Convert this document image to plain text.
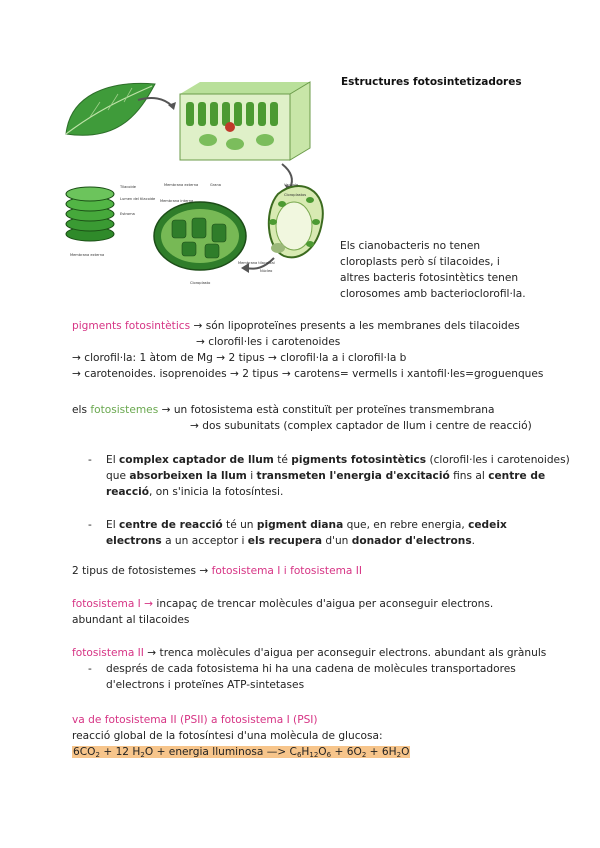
Tilacoide
Lumen del tilacoide
Estroma
Membrana externa
Membrana interna
Grana	Vacuola
Cloroplastos
Núcleo
Membrana tilacoïdal
Membrana externa
Cloroplasto
Estructures fotosintetizadores
Els cianobacteris no tenen
cloroplasts però sí tilacoides, i
altres bacteris fotosintètics tenen
clorosomes amb bacterioclorofil·la.
pigments fotosintètics → són lipoproteïnes presents a les membranes dels tilacoides
→ clorofil·les i carotenoides
→ clorofil·la: 1 àtom de Mg → 2 tipus → clorofil·la a i clorofil·la b
→ carotenoides. isoprenoides → 2 tipus → carotens= vermells i xantofil·les=groguenques
els fotosistemes → un fotosistema està constituït per proteïnes transmembrana
→ dos subunitats (complex captador de llum i centre de reacció)
- El complex captador de llum té pigments fotosintètics (clorofil·les i carotenoides)
que absorbeixen la llum i transmeten l'energia d'excitació fins al centre de
reacció, on s'inicia la fotosíntesi.
- El centre de reacció té un pigment diana que, en rebre energia, cedeix
electrons a un acceptor i els recupera d'un donador d'electrons.
2 tipus de fotosistemes → fotosistema I i fotosistema II
fotosistema I → incapaç de trencar molècules d'aigua per aconseguir electrons.
abundant al tilacoides
fotosistema II → trenca molècules d'aigua per aconseguir electrons. abundant als grànuls
- després de cada fotosistema hi ha una cadena de molècules transportadores
d'electrons i proteïnes ATP-sintetases
va de fotosistema II (PSII) a fotosistema I (PSI)
reacció global de la fotosíntesi d'una molècula de glucosa:
$6CO_2 + 12$ $H_2O$ + energia lluminosa —> $C_6H_{12}O_6 + 6O_2 + 6H_2O$
